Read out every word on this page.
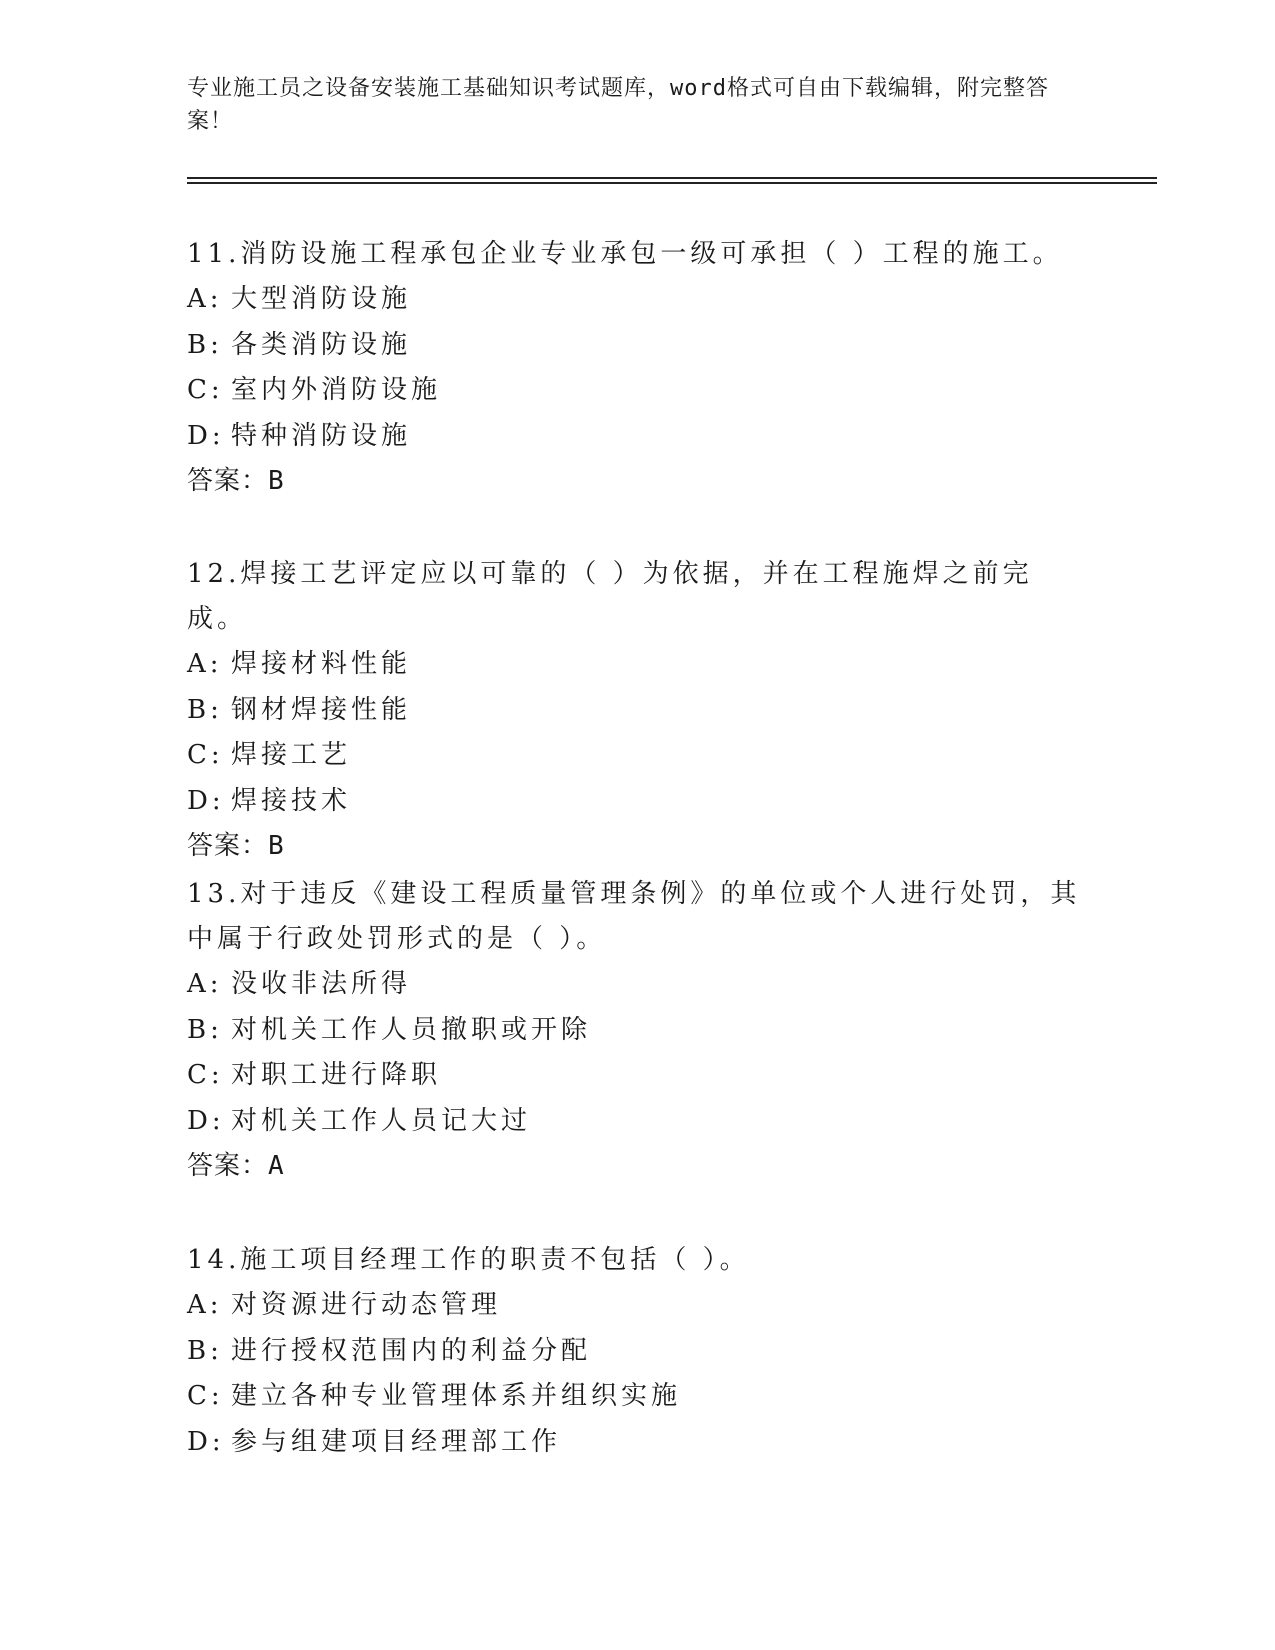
专业施工员之设备安装施工基础知识考试题库，word格式可自由下载编辑，附完整答案！
11.消防设施工程承包企业专业承包一级可承担（ ）工程的施工。
A: 大型消防设施
B: 各类消防设施
C: 室内外消防设施
D: 特种消防设施
答案：B
12.焊接工艺评定应以可靠的（ ）为依据，并在工程施焊之前完成。
A: 焊接材料性能
B: 钢材焊接性能
C: 焊接工艺
D: 焊接技术
答案：B
13.对于违反《建设工程质量管理条例》的单位或个人进行处罚，其中属于行政处罚形式的是（ ）。
A: 没收非法所得
B: 对机关工作人员撤职或开除
C: 对职工进行降职
D: 对机关工作人员记大过
答案：A
14.施工项目经理工作的职责不包括（ ）。
A: 对资源进行动态管理
B: 进行授权范围内的利益分配
C: 建立各种专业管理体系并组织实施
D: 参与组建项目经理部工作
